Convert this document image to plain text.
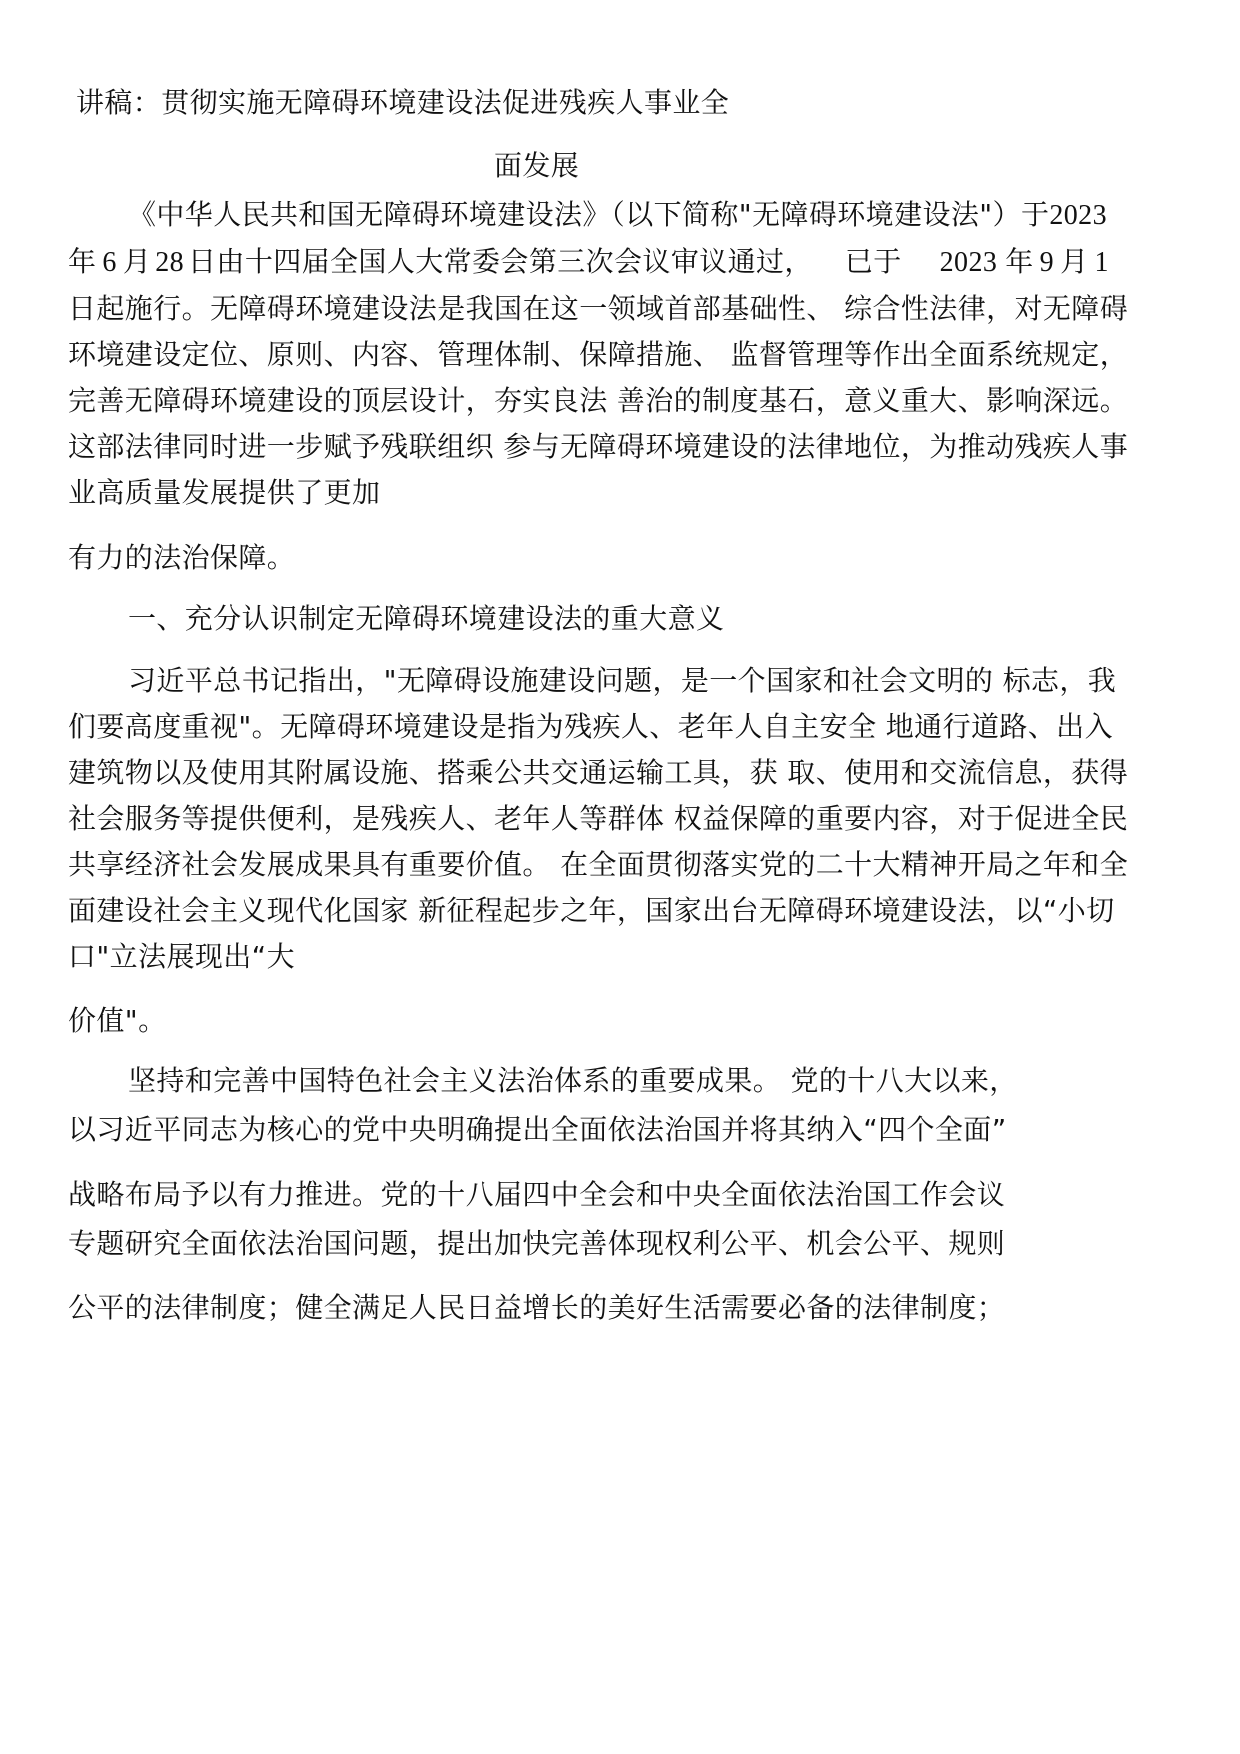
讲稿：贯彻实施无障碍环境建设法促进残疾人事业全
面发展
《中华人民共和国无障碍环境建设法》（以下简称"无障碍环境建设法"）于2023
年 6 月 28 日由十四届全国人大常委会第三次会议审议通过， 已于 2023 年 9 月 1
日起施行。无障碍环境建设法是我国在这一领域首部基础性、 综合性法律，对无障碍
环境建设定位、原则、内容、管理体制、保障措施、 监督管理等作出全面系统规定，
完善无障碍环境建设的顶层设计，夯实良法 善治的制度基石，意义重大、影响深远。
这部法律同时进一步赋予残联组织 参与无障碍环境建设的法律地位，为推动残疾人事
业高质量发展提供了更加
有力的法治保障。
一、充分认识制定无障碍环境建设法的重大意义
习近平总书记指出，"无障碍设施建设问题，是一个国家和社会文明的 标志，我
们要高度重视"。无障碍环境建设是指为残疾人、老年人自主安全 地通行道路、出入
建筑物以及使用其附属设施、搭乘公共交通运输工具，获 取、使用和交流信息，获得
社会服务等提供便利，是残疾人、老年人等群体 权益保障的重要内容，对于促进全民
共享经济社会发展成果具有重要价值。 在全面贯彻落实党的二十大精神开局之年和全
面建设社会主义现代化国家 新征程起步之年，国家出台无障碍环境建设法，以“小切
口"立法展现出“大
价值"。
坚持和完善中国特色社会主义法治体系的重要成果。 党的十八大以来，
以习近平同志为核心的党中央明确提出全面依法治国并将其纳入“四个全面”
战略布局予以有力推进。党的十八届四中全会和中央全面依法治国工作会议
专题研究全面依法治国问题，提出加快完善体现权利公平、机会公平、规则
公平的法律制度；健全满足人民日益增长的美好生活需要必备的法律制度；
